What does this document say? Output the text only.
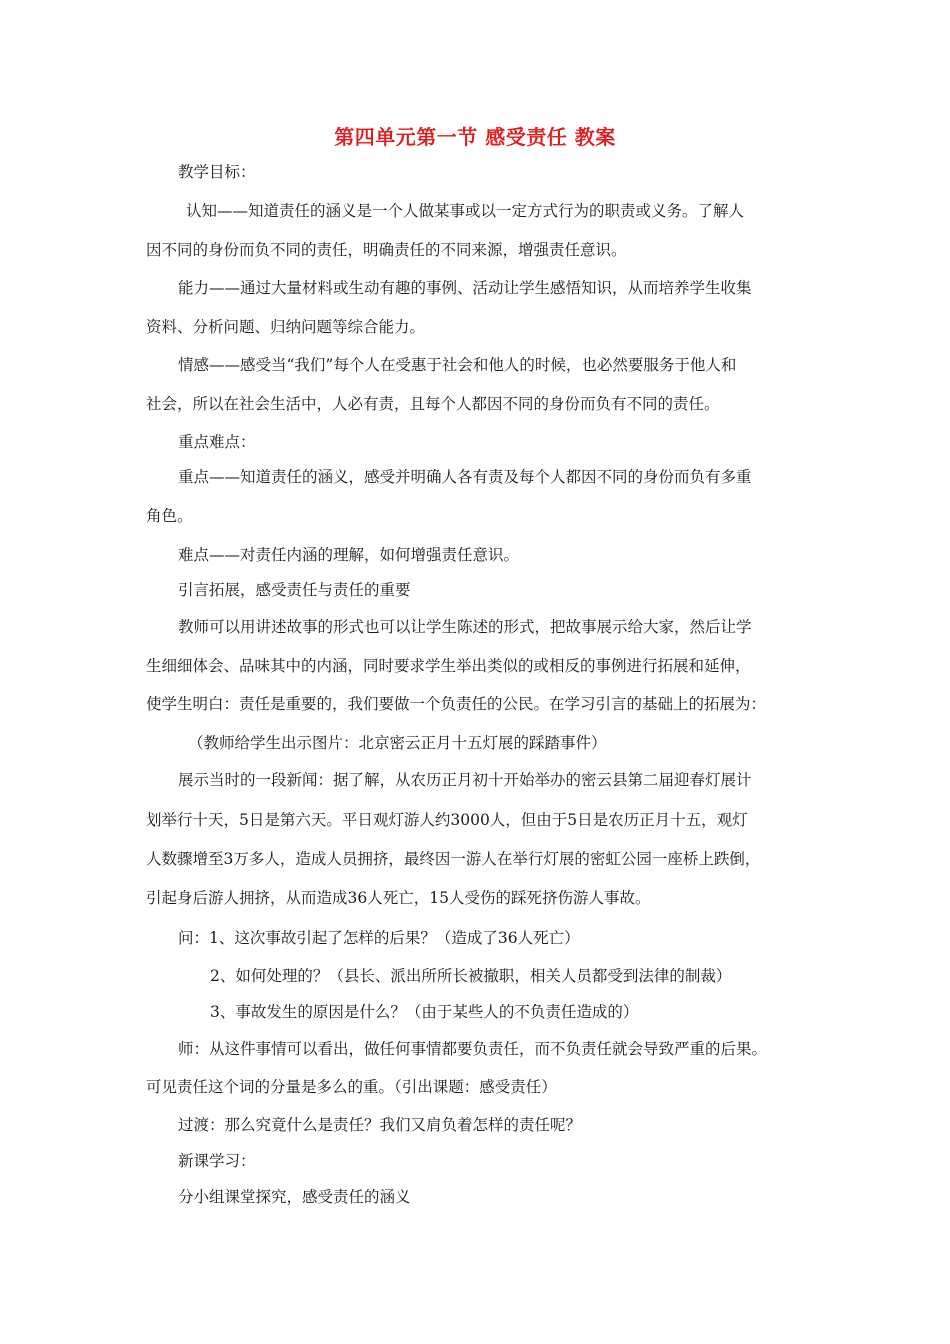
第四单元第一节 感受责任 教案
教学目标：
认知——知道责任的涵义是一个人做某事或以一定方式行为的职责或义务。了解人
因不同的身份而负不同的责任，明确责任的不同来源，增强责任意识。
能力——通过大量材料或生动有趣的事例、活动让学生感悟知识，从而培养学生收集
资料、分析问题、归纳问题等综合能力。
情感——感受当“我们”每个人在受惠于社会和他人的时候，也必然要服务于他人和
社会，所以在社会生活中，人必有责，且每个人都因不同的身份而负有不同的责任。
重点难点：
重点——知道责任的涵义，感受并明确人各有责及每个人都因不同的身份而负有多重
角色。
难点——对责任内涵的理解，如何增强责任意识。
引言拓展，感受责任与责任的重要
教师可以用讲述故事的形式也可以让学生陈述的形式，把故事展示给大家，然后让学
生细细体会、品味其中的内涵，同时要求学生举出类似的或相反的事例进行拓展和延伸，
使学生明白：责任是重要的，我们要做一个负责任的公民。在学习引言的基础上的拓展为：
（教师给学生出示图片：北京密云正月十五灯展的踩踏事件）
展示当时的一段新闻：据了解，从农历正月初十开始举办的密云县第二届迎春灯展计
划举行十天，5日是第六天。平日观灯游人约3000人，但由于5日是农历正月十五，观灯
人数骤增至3万多人，造成人员拥挤，最终因一游人在举行灯展的密虹公园一座桥上跌倒，
引起身后游人拥挤，从而造成36人死亡，15人受伤的踩死挤伤游人事故。
问：1、这次事故引起了怎样的后果？（造成了36人死亡）
2、如何处理的？（县长、派出所所长被撤职，相关人员都受到法律的制裁）
3、事故发生的原因是什么？（由于某些人的不负责任造成的）
师：从这件事情可以看出，做任何事情都要负责任，而不负责任就会导致严重的后果。
可见责任这个词的分量是多么的重。（引出课题：感受责任）
过渡：那么究竟什么是责任？我们又肩负着怎样的责任呢？
新课学习：
分小组课堂探究，感受责任的涵义
